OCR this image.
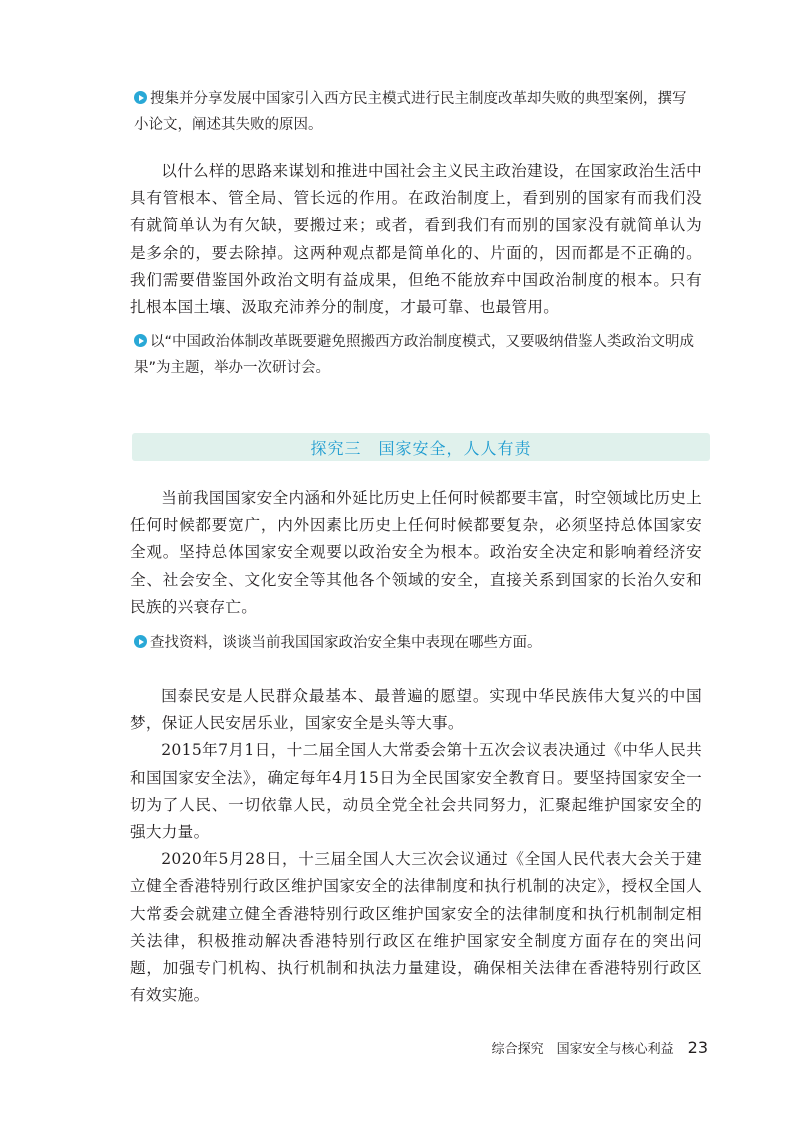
搜集并分享发展中国家引入西方民主模式进行民主制度改革却失败的典型案例，撰写小论文，阐述其失败的原因。

以什么样的思路来谋划和推进中国社会主义民主政治建设，在国家政治生活中具有管根本、管全局、管长远的作用。在政治制度上，看到别的国家有而我们没有就简单认为有欠缺，要搬过来；或者，看到我们有而别的国家没有就简单认为是多余的，要去除掉。这两种观点都是简单化的、片面的，因而都是不正确的。我们需要借鉴国外政治文明有益成果，但绝不能放弃中国政治制度的根本。只有扎根本国土壤、汲取充沛养分的制度，才最可靠、也最管用。

以“中国政治体制改革既要避免照搬西方政治制度模式，又要吸纳借鉴人类政治文明成果”为主题，举办一次研讨会。
探究三　国家安全，人人有责

当前我国国家安全内涵和外延比历史上任何时候都要丰富，时空领域比历史上任何时候都要宽广，内外因素比历史上任何时候都要复杂，必须坚持总体国家安全观。坚持总体国家安全观要以政治安全为根本。政治安全决定和影响着经济安全、社会安全、文化安全等其他各个领域的安全，直接关系到国家的长治久安和民族的兴衰存亡。

查找资料，谈谈当前我国国家政治安全集中表现在哪些方面。

国泰民安是人民群众最基本、最普遍的愿望。实现中华民族伟大复兴的中国梦，保证人民安居乐业，国家安全是头等大事。

2015年7月1日，十二届全国人大常委会第十五次会议表决通过《中华人民共和国国家安全法》，确定每年4月15日为全民国家安全教育日。要坚持国家安全一切为了人民、一切依靠人民，动员全党全社会共同努力，汇聚起维护国家安全的强大力量。

2020年5月28日，十三届全国人大三次会议通过《全国人民代表大会关于建立健全香港特别行政区维护国家安全的法律制度和执行机制的决定》，授权全国人大常委会就建立健全香港特别行政区维护国家安全的法律制度和执行机制制定相关法律，积极推动解决香港特别行政区在维护国家安全制度方面存在的突出问题，加强专门机构、执行机制和执法力量建设，确保相关法律在香港特别行政区有效实施。

综合探究　国家安全与核心利益 23
